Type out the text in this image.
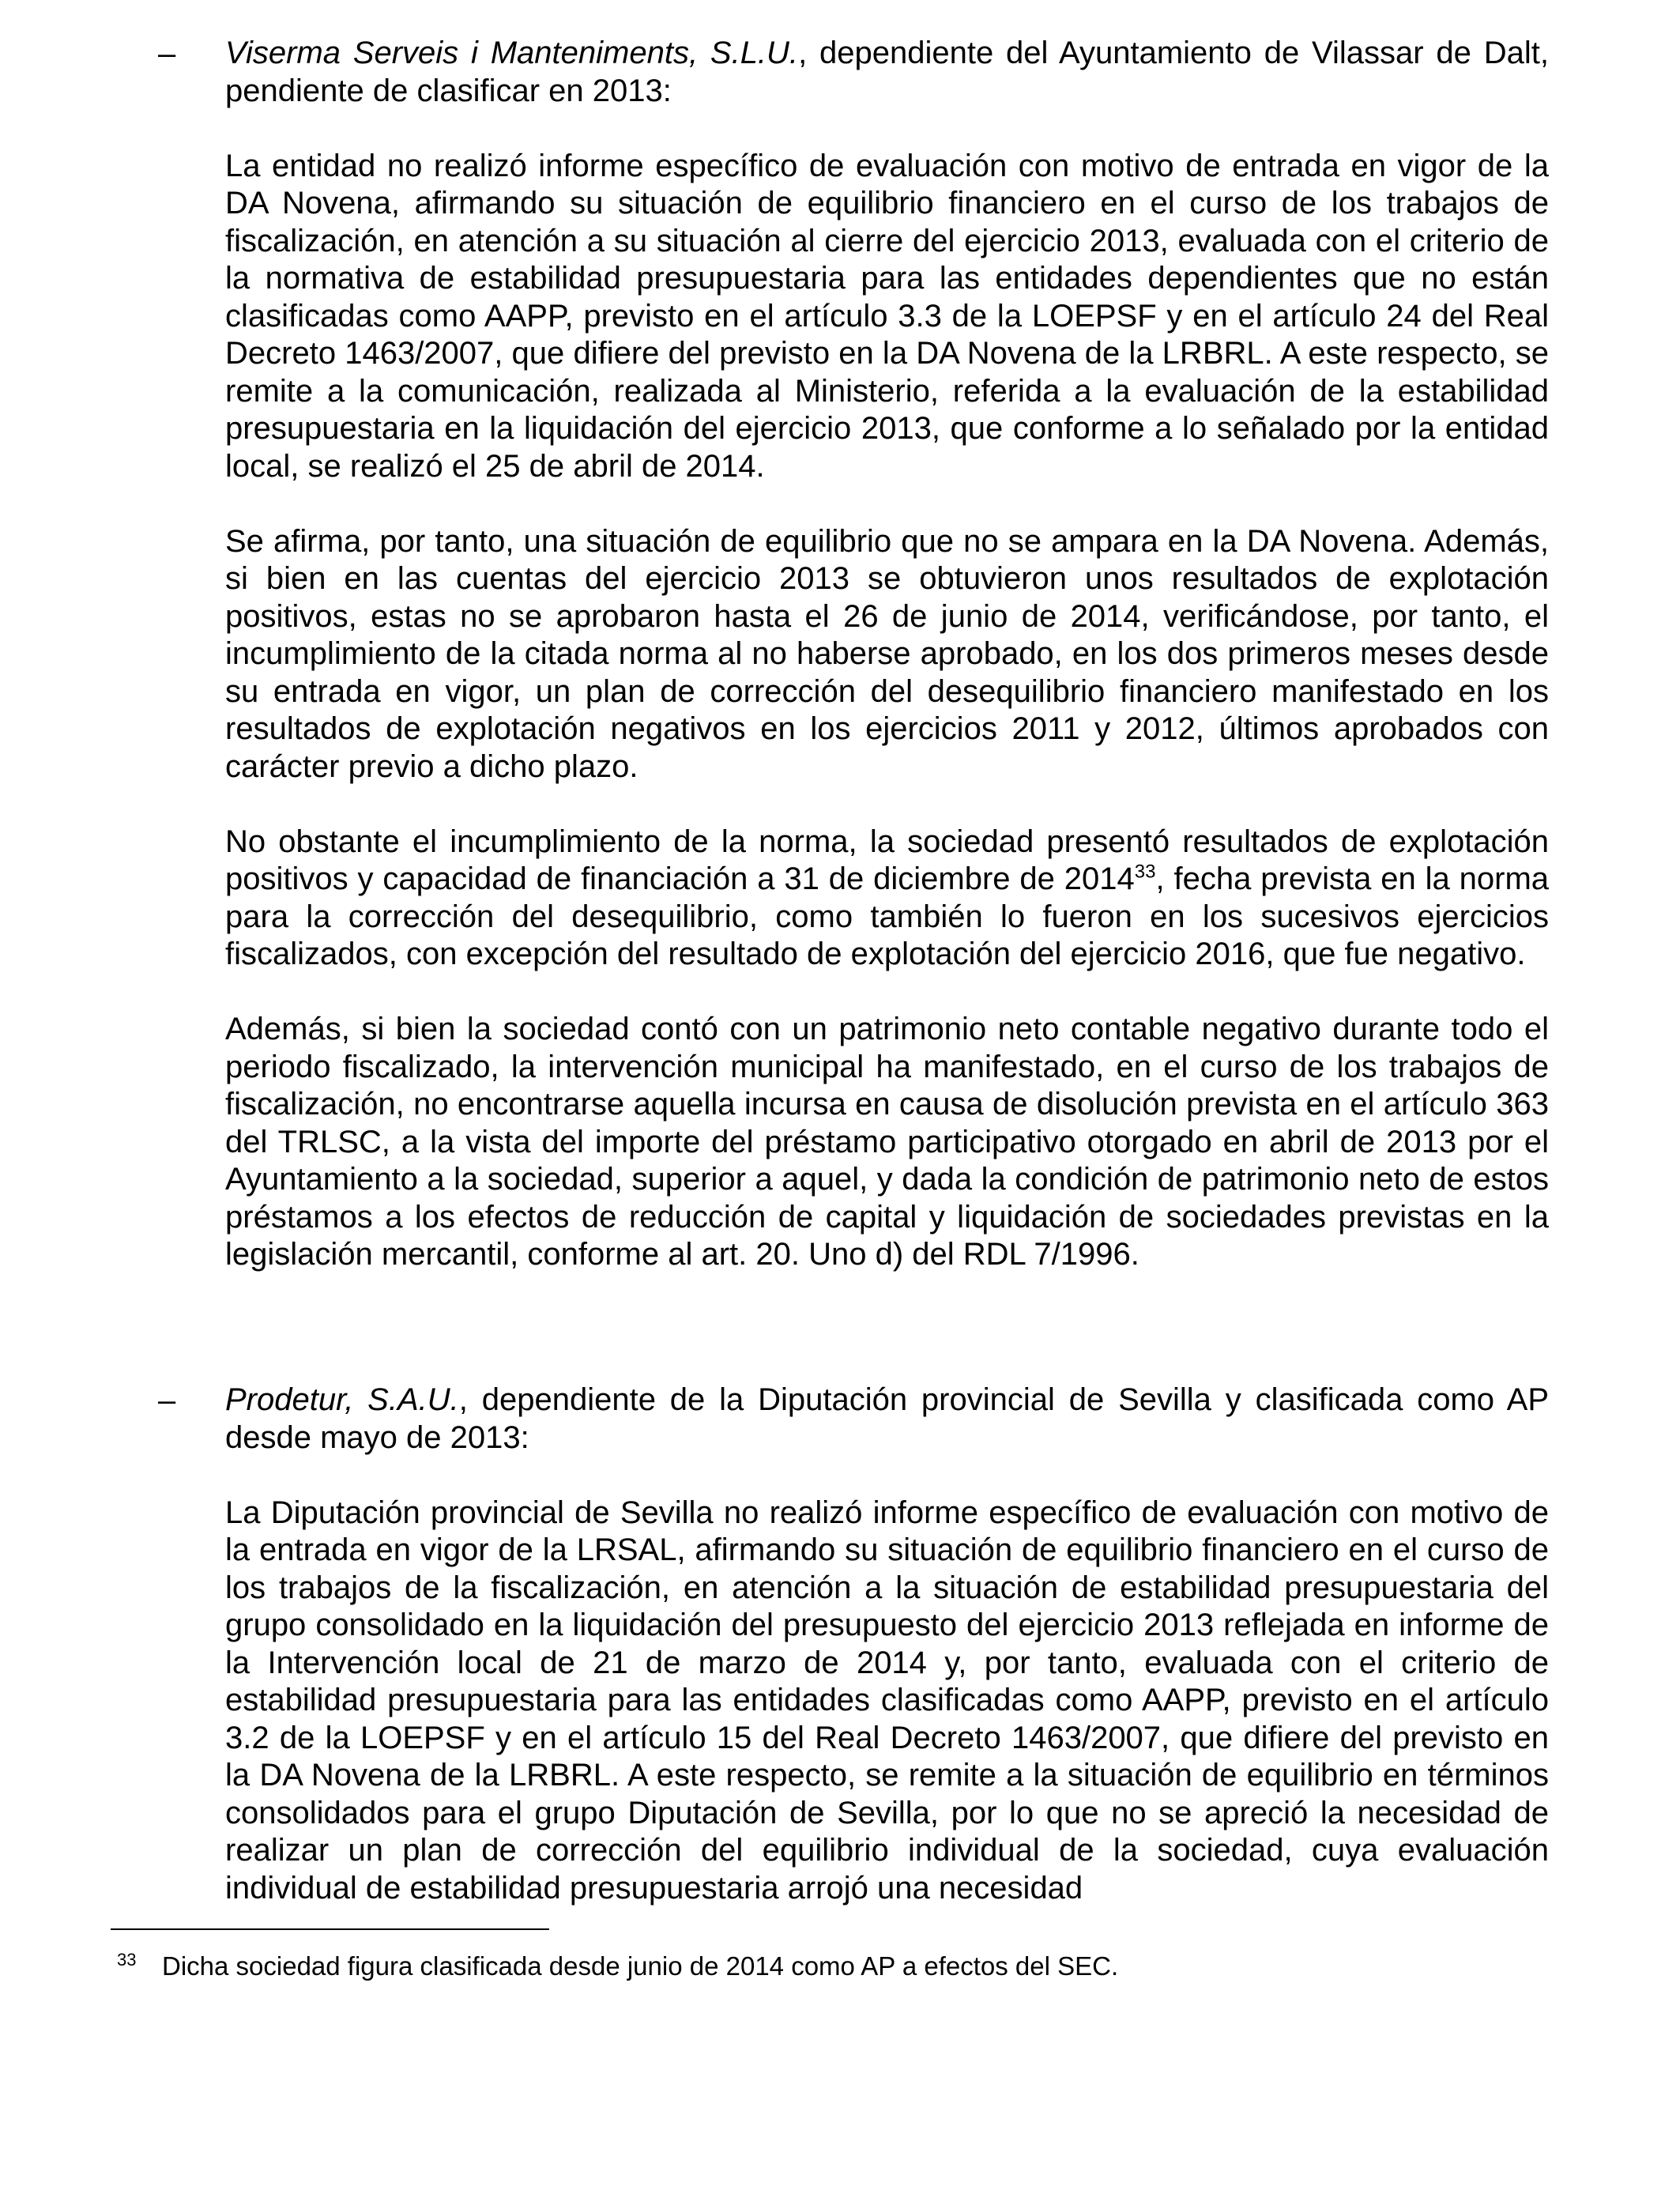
–	Viserma Serveis i Manteniments, S.L.U., dependiente del Ayuntamiento de Vilassar de Dalt, pendiente de clasificar en 2013:

La entidad no realizó informe específico de evaluación con motivo de entrada en vigor de la DA Novena, afirmando su situación de equilibrio financiero en el curso de los trabajos de fiscalización, en atención a su situación al cierre del ejercicio 2013, evaluada con el criterio de la normativa de estabilidad presupuestaria para las entidades dependientes que no están clasificadas como AAPP, previsto en el artículo 3.3 de la LOEPSF y en el artículo 24 del Real Decreto 1463/2007, que difiere del previsto en la DA Novena de la LRBRL. A este respecto, se remite a la comunicación, realizada al Ministerio, referida a la evaluación de la estabilidad presupuestaria en la liquidación del ejercicio 2013, que conforme a lo señalado por la entidad local, se realizó el 25 de abril de 2014.

Se afirma, por tanto, una situación de equilibrio que no se ampara en la DA Novena. Además, si bien en las cuentas del ejercicio 2013 se obtuvieron unos resultados de explotación positivos, estas no se aprobaron hasta el 26 de junio de 2014, verificándose, por tanto, el incumplimiento de la citada norma al no haberse aprobado, en los dos primeros meses desde su entrada en vigor, un plan de corrección del desequilibrio financiero manifestado en los resultados de explotación negativos en los ejercicios 2011 y 2012, últimos aprobados con carácter previo a dicho plazo.

No obstante el incumplimiento de la norma, la sociedad presentó resultados de explotación positivos y capacidad de financiación a 31 de diciembre de 2014$^{33}$, fecha prevista en la norma para la corrección del desequilibrio, como también lo fueron en los sucesivos ejercicios fiscalizados, con excepción del resultado de explotación del ejercicio 2016, que fue negativo.

Además, si bien la sociedad contó con un patrimonio neto contable negativo durante todo el periodo fiscalizado, la intervención municipal ha manifestado, en el curso de los trabajos de fiscalización, no encontrarse aquella incursa en causa de disolución prevista en el artículo 363 del TRLSC, a la vista del importe del préstamo participativo otorgado en abril de 2013 por el Ayuntamiento a la sociedad, superior a aquel, y dada la condición de patrimonio neto de estos préstamos a los efectos de reducción de capital y liquidación de sociedades previstas en la legislación mercantil, conforme al art. 20. Uno d) del RDL 7/1996.

–	Prodetur, S.A.U., dependiente de la Diputación provincial de Sevilla y clasificada como AP desde mayo de 2013:

La Diputación provincial de Sevilla no realizó informe específico de evaluación con motivo de la entrada en vigor de la LRSAL, afirmando su situación de equilibrio financiero en el curso de los trabajos de la fiscalización, en atención a la situación de estabilidad presupuestaria del grupo consolidado en la liquidación del presupuesto del ejercicio 2013 reflejada en informe de la Intervención local de 21 de marzo de 2014 y, por tanto, evaluada con el criterio de estabilidad presupuestaria para las entidades clasificadas como AAPP, previsto en el artículo 3.2 de la LOEPSF y en el artículo 15 del Real Decreto 1463/2007, que difiere del previsto en la DA Novena de la LRBRL. A este respecto, se remite a la situación de equilibrio en términos consolidados para el grupo Diputación de Sevilla, por lo que no se apreció la necesidad de realizar un plan de corrección del equilibrio individual de la sociedad, cuya evaluación individual de estabilidad presupuestaria arrojó una necesidad

33 Dicha sociedad figura clasificada desde junio de 2014 como AP a efectos del SEC.
